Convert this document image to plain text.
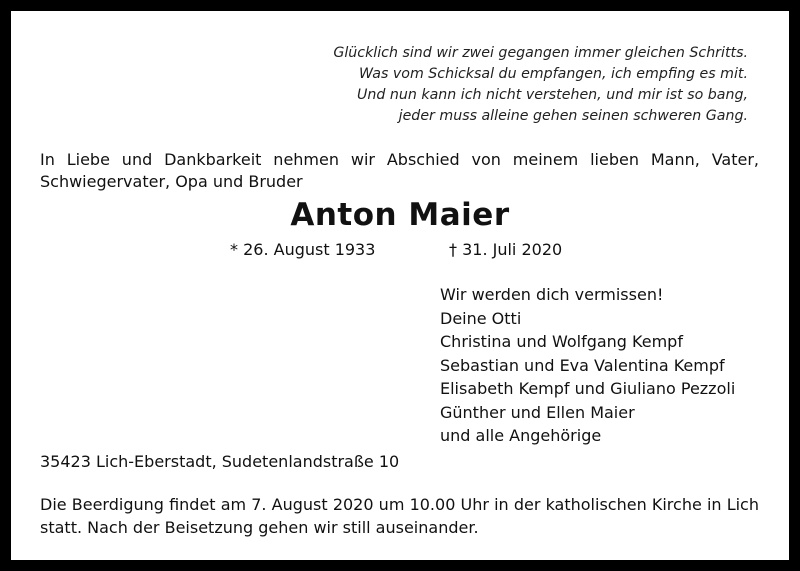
Glücklich sind wir zwei gegangen immer gleichen Schritts.
Was vom Schicksal du empfangen, ich empfing es mit.
Und nun kann ich nicht verstehen, und mir ist so bang,
jeder muss alleine gehen seinen schweren Gang.
In Liebe und Dankbarkeit nehmen wir Abschied von meinem lieben Mann, Vater, Schwiegervater, Opa und Bruder
Anton Maier
* 26. August 1933	† 31. Juli 2020
Wir werden dich vermissen!
Deine Otti
Christina und Wolfgang Kempf
Sebastian und Eva Valentina Kempf
Elisabeth Kempf und Giuliano Pezzoli
Günther und Ellen Maier
und alle Angehörige
35423 Lich-Eberstadt, Sudetenlandstraße 10
Die Beerdigung findet am 7. August 2020 um 10.00 Uhr in der katholischen Kirche in Lich statt. Nach der Beisetzung gehen wir still auseinander.
